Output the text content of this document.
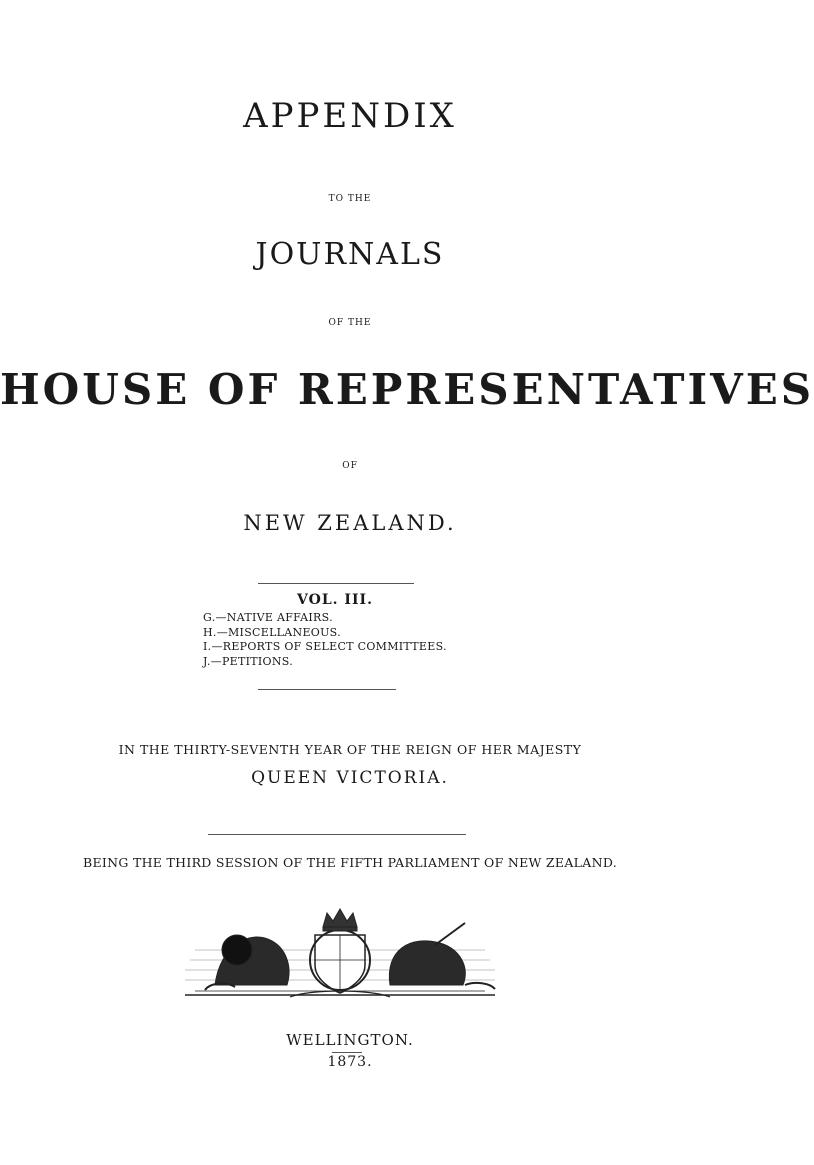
APPENDIX
TO THE
JOURNALS
OF THE
HOUSE OF REPRESENTATIVES
OF
NEW ZEALAND.
VOL. III.
G.—NATIVE AFFAIRS.
H.—MISCELLANEOUS.
I.—REPORTS OF SELECT COMMITTEES.
J.—PETITIONS.
IN THE THIRTY-SEVENTH YEAR OF THE REIGN OF HER MAJESTY
QUEEN VICTORIA.
BEING THE THIRD SESSION OF THE FIFTH PARLIAMENT OF NEW ZEALAND.
WELLINGTON.
1873.
